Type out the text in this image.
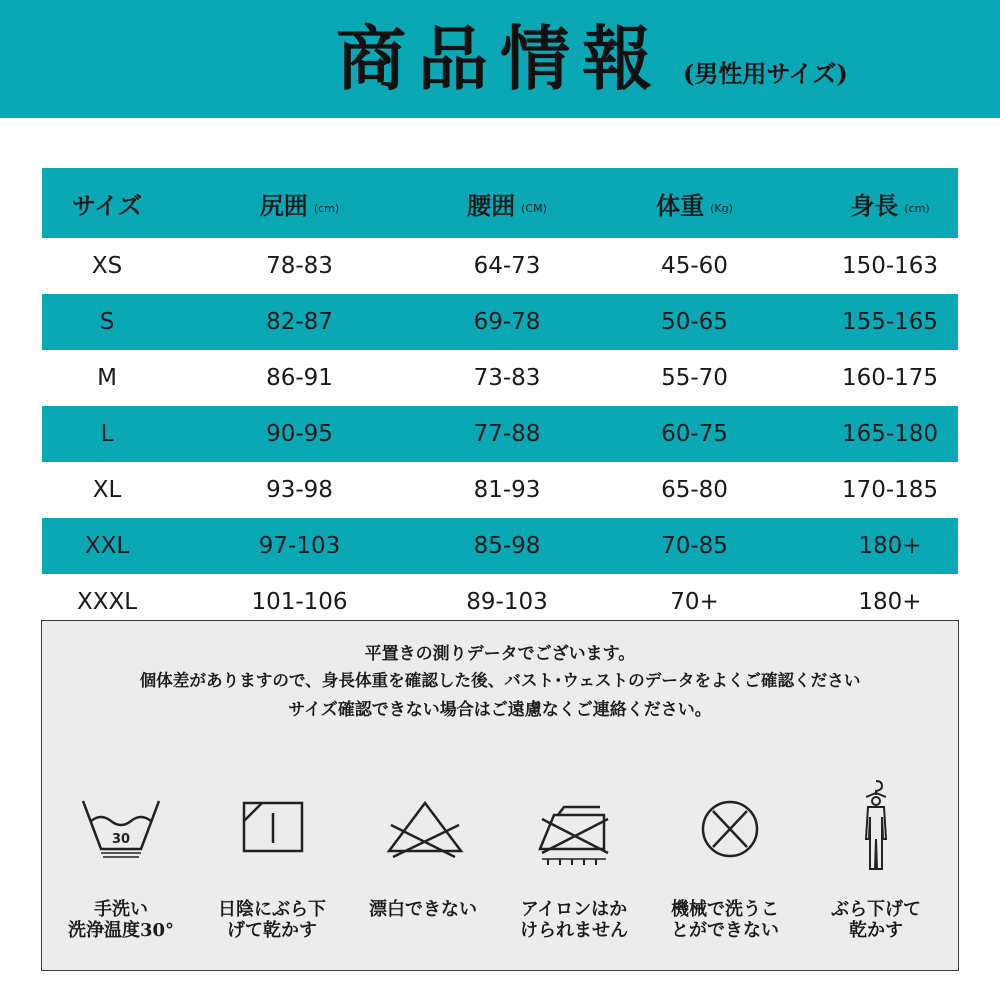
商品情報 (男性用サイズ)
サイズ	尻囲 (cm)	腰囲 (CM)	体重 (Kg)	身長 (cm)
XS	78-83	64-73	45-60	150-163
S	82-87	69-78	50-65	155-165
M	86-91	73-83	55-70	160-175
L	90-95	77-88	60-75	165-180
XL	93-98	81-93	65-80	170-185
XXL	97-103	85-98	70-85	180+
XXXL	101-106	89-103	70+	180+
平置きの測りデータでございます。
個体差がありますので、身長体重を確認した後、バスト･ウェストのデータをよくご確認ください
サイズ確認できない場合はご遠慮なくご連絡ください。
30
手洗い
洗浄温度30°
日陰にぶら下
げて乾かす
漂白できない	アイロンはか
けられません
機械で洗うこ
とができない
ぶら下げて
乾かす
